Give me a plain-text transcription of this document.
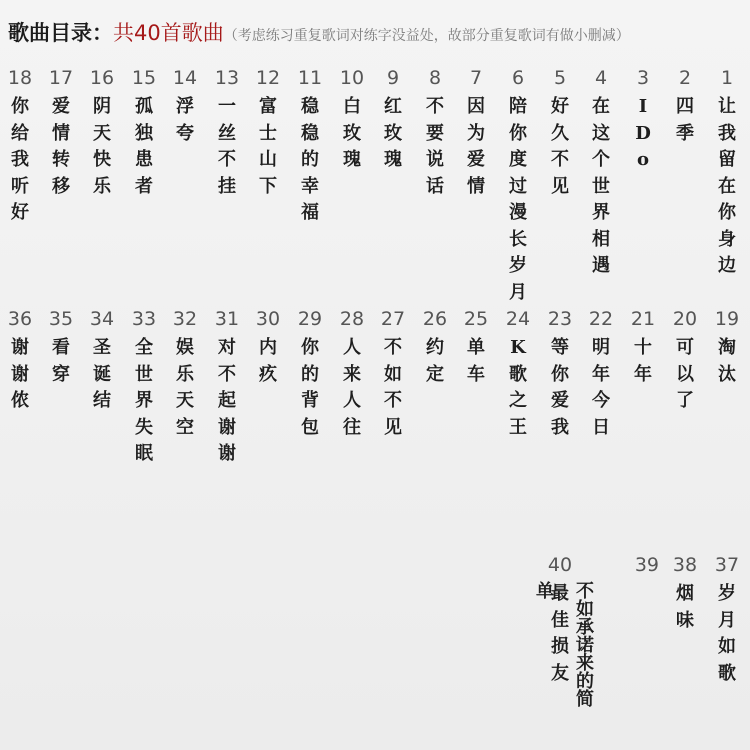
歌曲目录：共40首歌曲（考虑练习重复歌词对练字没益处，故部分重复歌词有做小删减）
1
让我留在你身边
2
四季
3
I Do
4
在这个世界相遇
5
好久不见
6
陪你度过漫长岁月
7
因为爱情
8
不要说话
9
红玫瑰
10
白玫瑰
11
稳稳的幸福
12
富士山下
13
一丝不挂
14
浮夸
15
孤独患者
16
阴天快乐
17
爱情转移
18
你给我听好
19
淘汰
20
可以了
21
十年
22
明年今日
23
等你爱我
24
K歌之王
25
单车
26
约定
27
不如不见
28
人来人往
29
你的背包
30
内疚
31
对不起 谢谢
32
娱乐天空
33
全世界失眠
34
圣诞结
35
看穿
36
谢谢侬
37
岁月如歌
38
烟味
39
不如承诺来的简单
40
最佳损友
